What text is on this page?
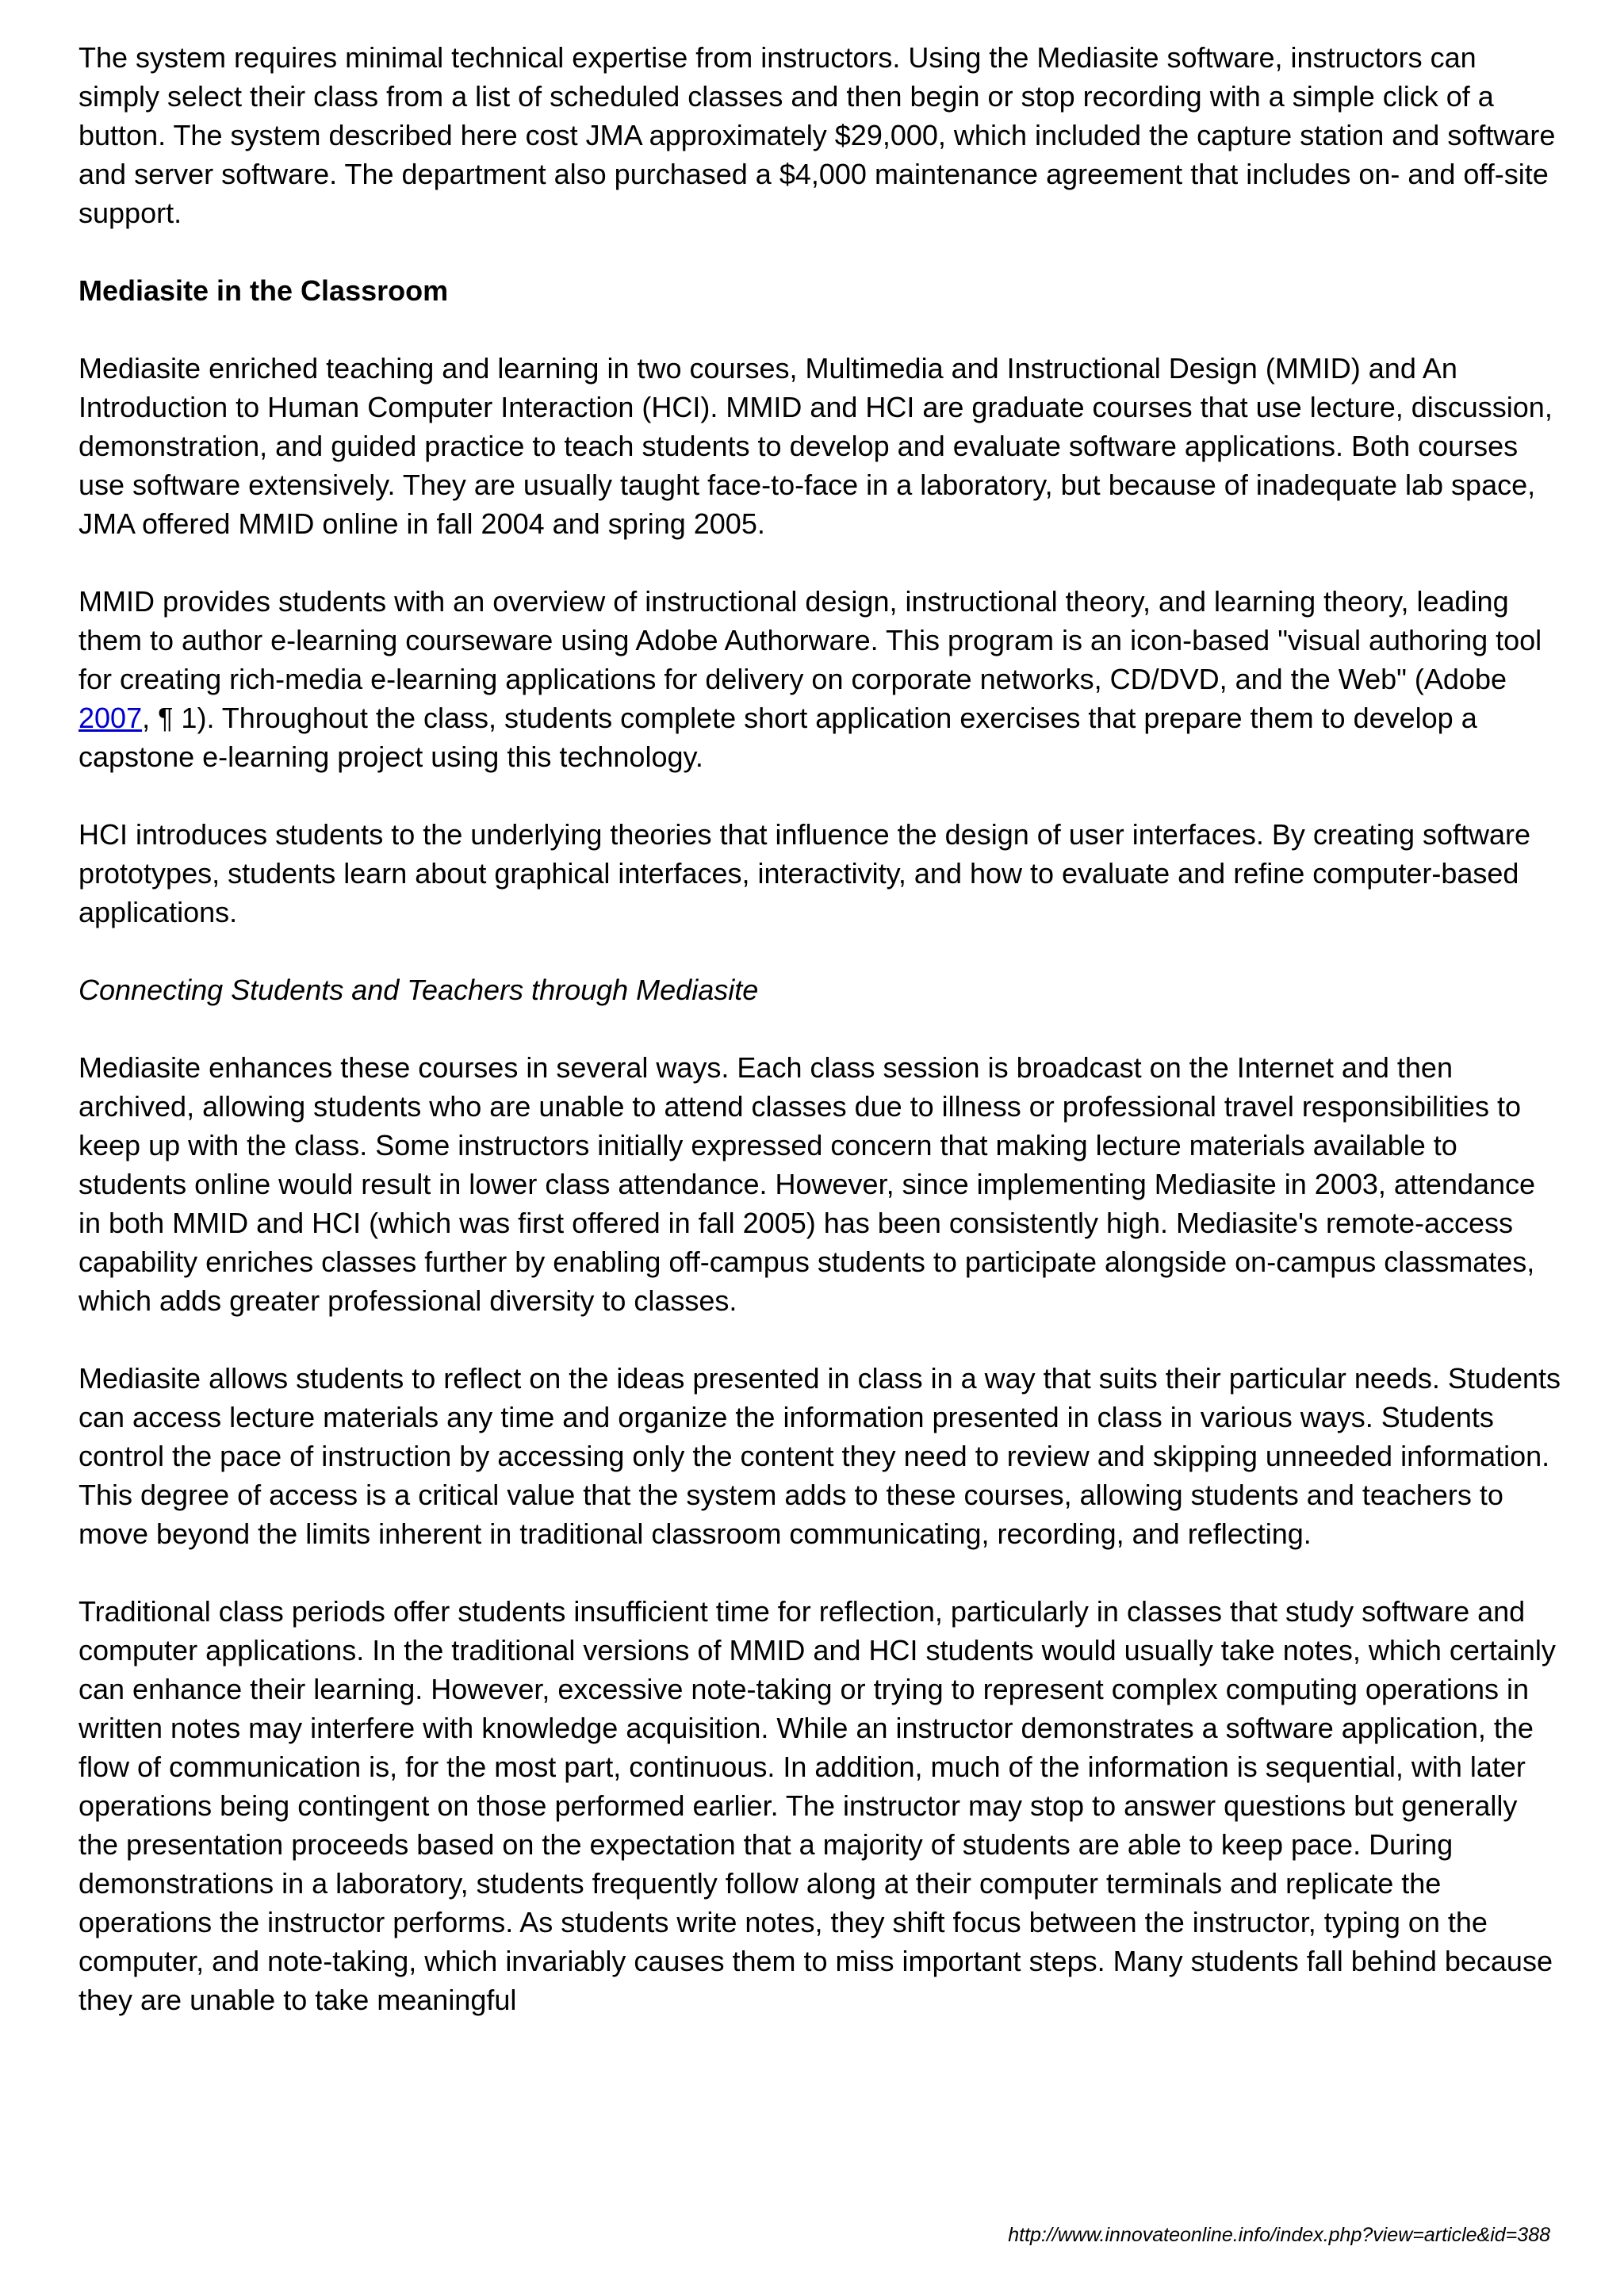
The system requires minimal technical expertise from instructors. Using the Mediasite software, instructors can simply select their class from a list of scheduled classes and then begin or stop recording with a simple click of a button. The system described here cost JMA approximately $29,000, which included the capture station and software and server software. The department also purchased a $4,000 maintenance agreement that includes on- and off-site support.

Mediasite in the Classroom

Mediasite enriched teaching and learning in two courses, Multimedia and Instructional Design (MMID) and An Introduction to Human Computer Interaction (HCI). MMID and HCI are graduate courses that use lecture, discussion, demonstration, and guided practice to teach students to develop and evaluate software applications. Both courses use software extensively. They are usually taught face-to-face in a laboratory, but because of inadequate lab space, JMA offered MMID online in fall 2004 and spring 2005.

MMID provides students with an overview of instructional design, instructional theory, and learning theory, leading them to author e-learning courseware using Adobe Authorware. This program is an icon-based "visual authoring tool for creating rich-media e-learning applications for delivery on corporate networks, CD/DVD, and the Web" (Adobe 2007, ¶ 1). Throughout the class, students complete short application exercises that prepare them to develop a capstone e-learning project using this technology.

HCI introduces students to the underlying theories that influence the design of user interfaces. By creating software prototypes, students learn about graphical interfaces, interactivity, and how to evaluate and refine computer-based applications.

Connecting Students and Teachers through Mediasite

Mediasite enhances these courses in several ways. Each class session is broadcast on the Internet and then archived, allowing students who are unable to attend classes due to illness or professional travel responsibilities to keep up with the class. Some instructors initially expressed concern that making lecture materials available to students online would result in lower class attendance. However, since implementing Mediasite in 2003, attendance in both MMID and HCI (which was first offered in fall 2005) has been consistently high. Mediasite's remote-access capability enriches classes further by enabling off-campus students to participate alongside on-campus classmates, which adds greater professional diversity to classes.

Mediasite allows students to reflect on the ideas presented in class in a way that suits their particular needs. Students can access lecture materials any time and organize the information presented in class in various ways. Students control the pace of instruction by accessing only the content they need to review and skipping unneeded information. This degree of access is a critical value that the system adds to these courses, allowing students and teachers to move beyond the limits inherent in traditional classroom communicating, recording, and reflecting.

Traditional class periods offer students insufficient time for reflection, particularly in classes that study software and computer applications. In the traditional versions of MMID and HCI students would usually take notes, which certainly can enhance their learning. However, excessive note-taking or trying to represent complex computing operations in written notes may interfere with knowledge acquisition. While an instructor demonstrates a software application, the flow of communication is, for the most part, continuous. In addition, much of the information is sequential, with later operations being contingent on those performed earlier. The instructor may stop to answer questions but generally the presentation proceeds based on the expectation that a majority of students are able to keep pace. During demonstrations in a laboratory, students frequently follow along at their computer terminals and replicate the operations the instructor performs. As students write notes, they shift focus between the instructor, typing on the computer, and note-taking, which invariably causes them to miss important steps. Many students fall behind because they are unable to take meaningful

http://www.innovateonline.info/index.php?view=article&id=388
